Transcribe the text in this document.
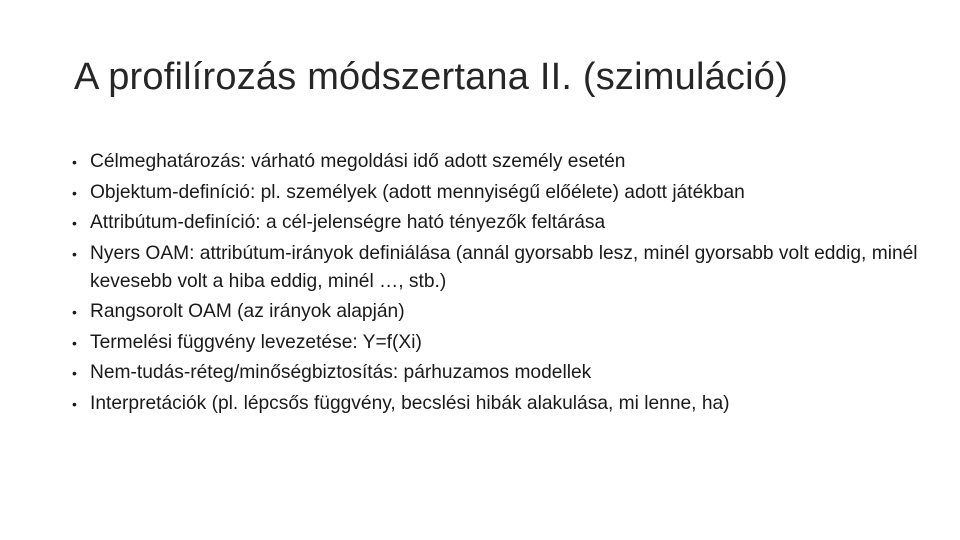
A profilírozás módszertana II. (szimuláció)
• Célmeghatározás: várható megoldási idő adott személy esetén
• Objektum-definíció: pl. személyek (adott mennyiségű előélete) adott játékban
• Attribútum-definíció: a cél-jelenségre ható tényezők feltárása
• Nyers OAM: attribútum-irányok definiálása (annál gyorsabb lesz, minél gyorsabb volt eddig, minél kevesebb volt a hiba eddig, minél …, stb.)
• Rangsorolt OAM (az irányok alapján)
• Termelési függvény levezetése: Y=f(Xi)
• Nem-tudás-réteg/minőségbiztosítás: párhuzamos modellek
• Interpretációk (pl. lépcsős függvény, becslési hibák alakulása, mi lenne, ha)
